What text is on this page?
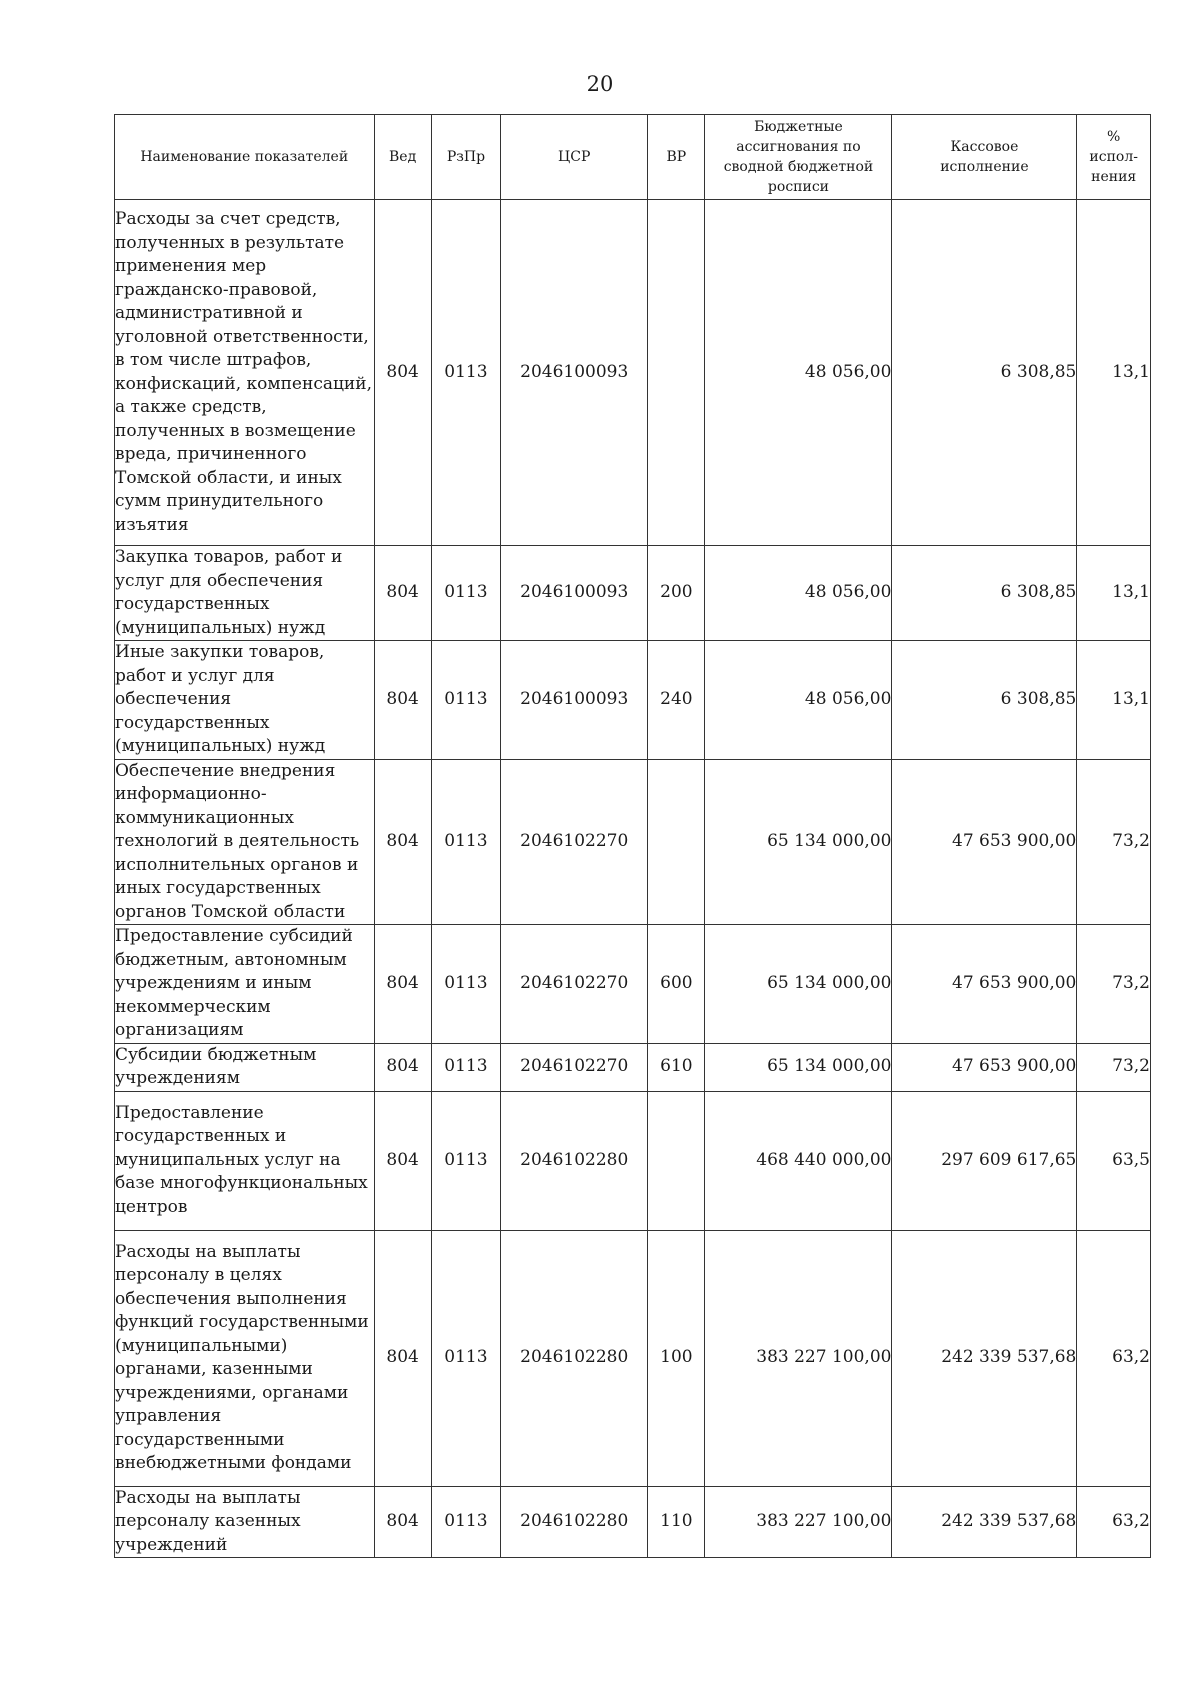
20
Наименование показателей	Вед	РзПр	ЦСР	ВР	Бюджетные ассигнования по сводной бюджетной росписи	Кассовое исполнение	% испол-нения
Расходы за счет средств, полученных в результате применения мер гражданско-правовой, административной и уголовной ответственности, в том числе штрафов, конфискаций, компенсаций, а также средств, полученных в возмещение вреда, причиненного Томской области, и иных сумм принудительного изъятия	804	0113	2046100093		48 056,00	6 308,85	13,1
Закупка товаров, работ и услуг для обеспечения государственных (муниципальных) нужд	804	0113	2046100093	200	48 056,00	6 308,85	13,1
Иные закупки товаров, работ и услуг для обеспечения государственных (муниципальных) нужд	804	0113	2046100093	240	48 056,00	6 308,85	13,1
Обеспечение внедрения информационно-коммуникационных технологий в деятельность исполнительных органов и иных государственных органов Томской области	804	0113	2046102270		65 134 000,00	47 653 900,00	73,2
Предоставление субсидий бюджетным, автономным учреждениям и иным некоммерческим организациям	804	0113	2046102270	600	65 134 000,00	47 653 900,00	73,2
Субсидии бюджетным учреждениям	804	0113	2046102270	610	65 134 000,00	47 653 900,00	73,2
Предоставление государственных и муниципальных услуг на базе многофункциональных центров	804	0113	2046102280		468 440 000,00	297 609 617,65	63,5
Расходы на выплаты персоналу в целях обеспечения выполнения функций государственными (муниципальными) органами, казенными учреждениями, органами управления государственными внебюджетными фондами	804	0113	2046102280	100	383 227 100,00	242 339 537,68	63,2
Расходы на выплаты персоналу казенных учреждений	804	0113	2046102280	110	383 227 100,00	242 339 537,68	63,2
